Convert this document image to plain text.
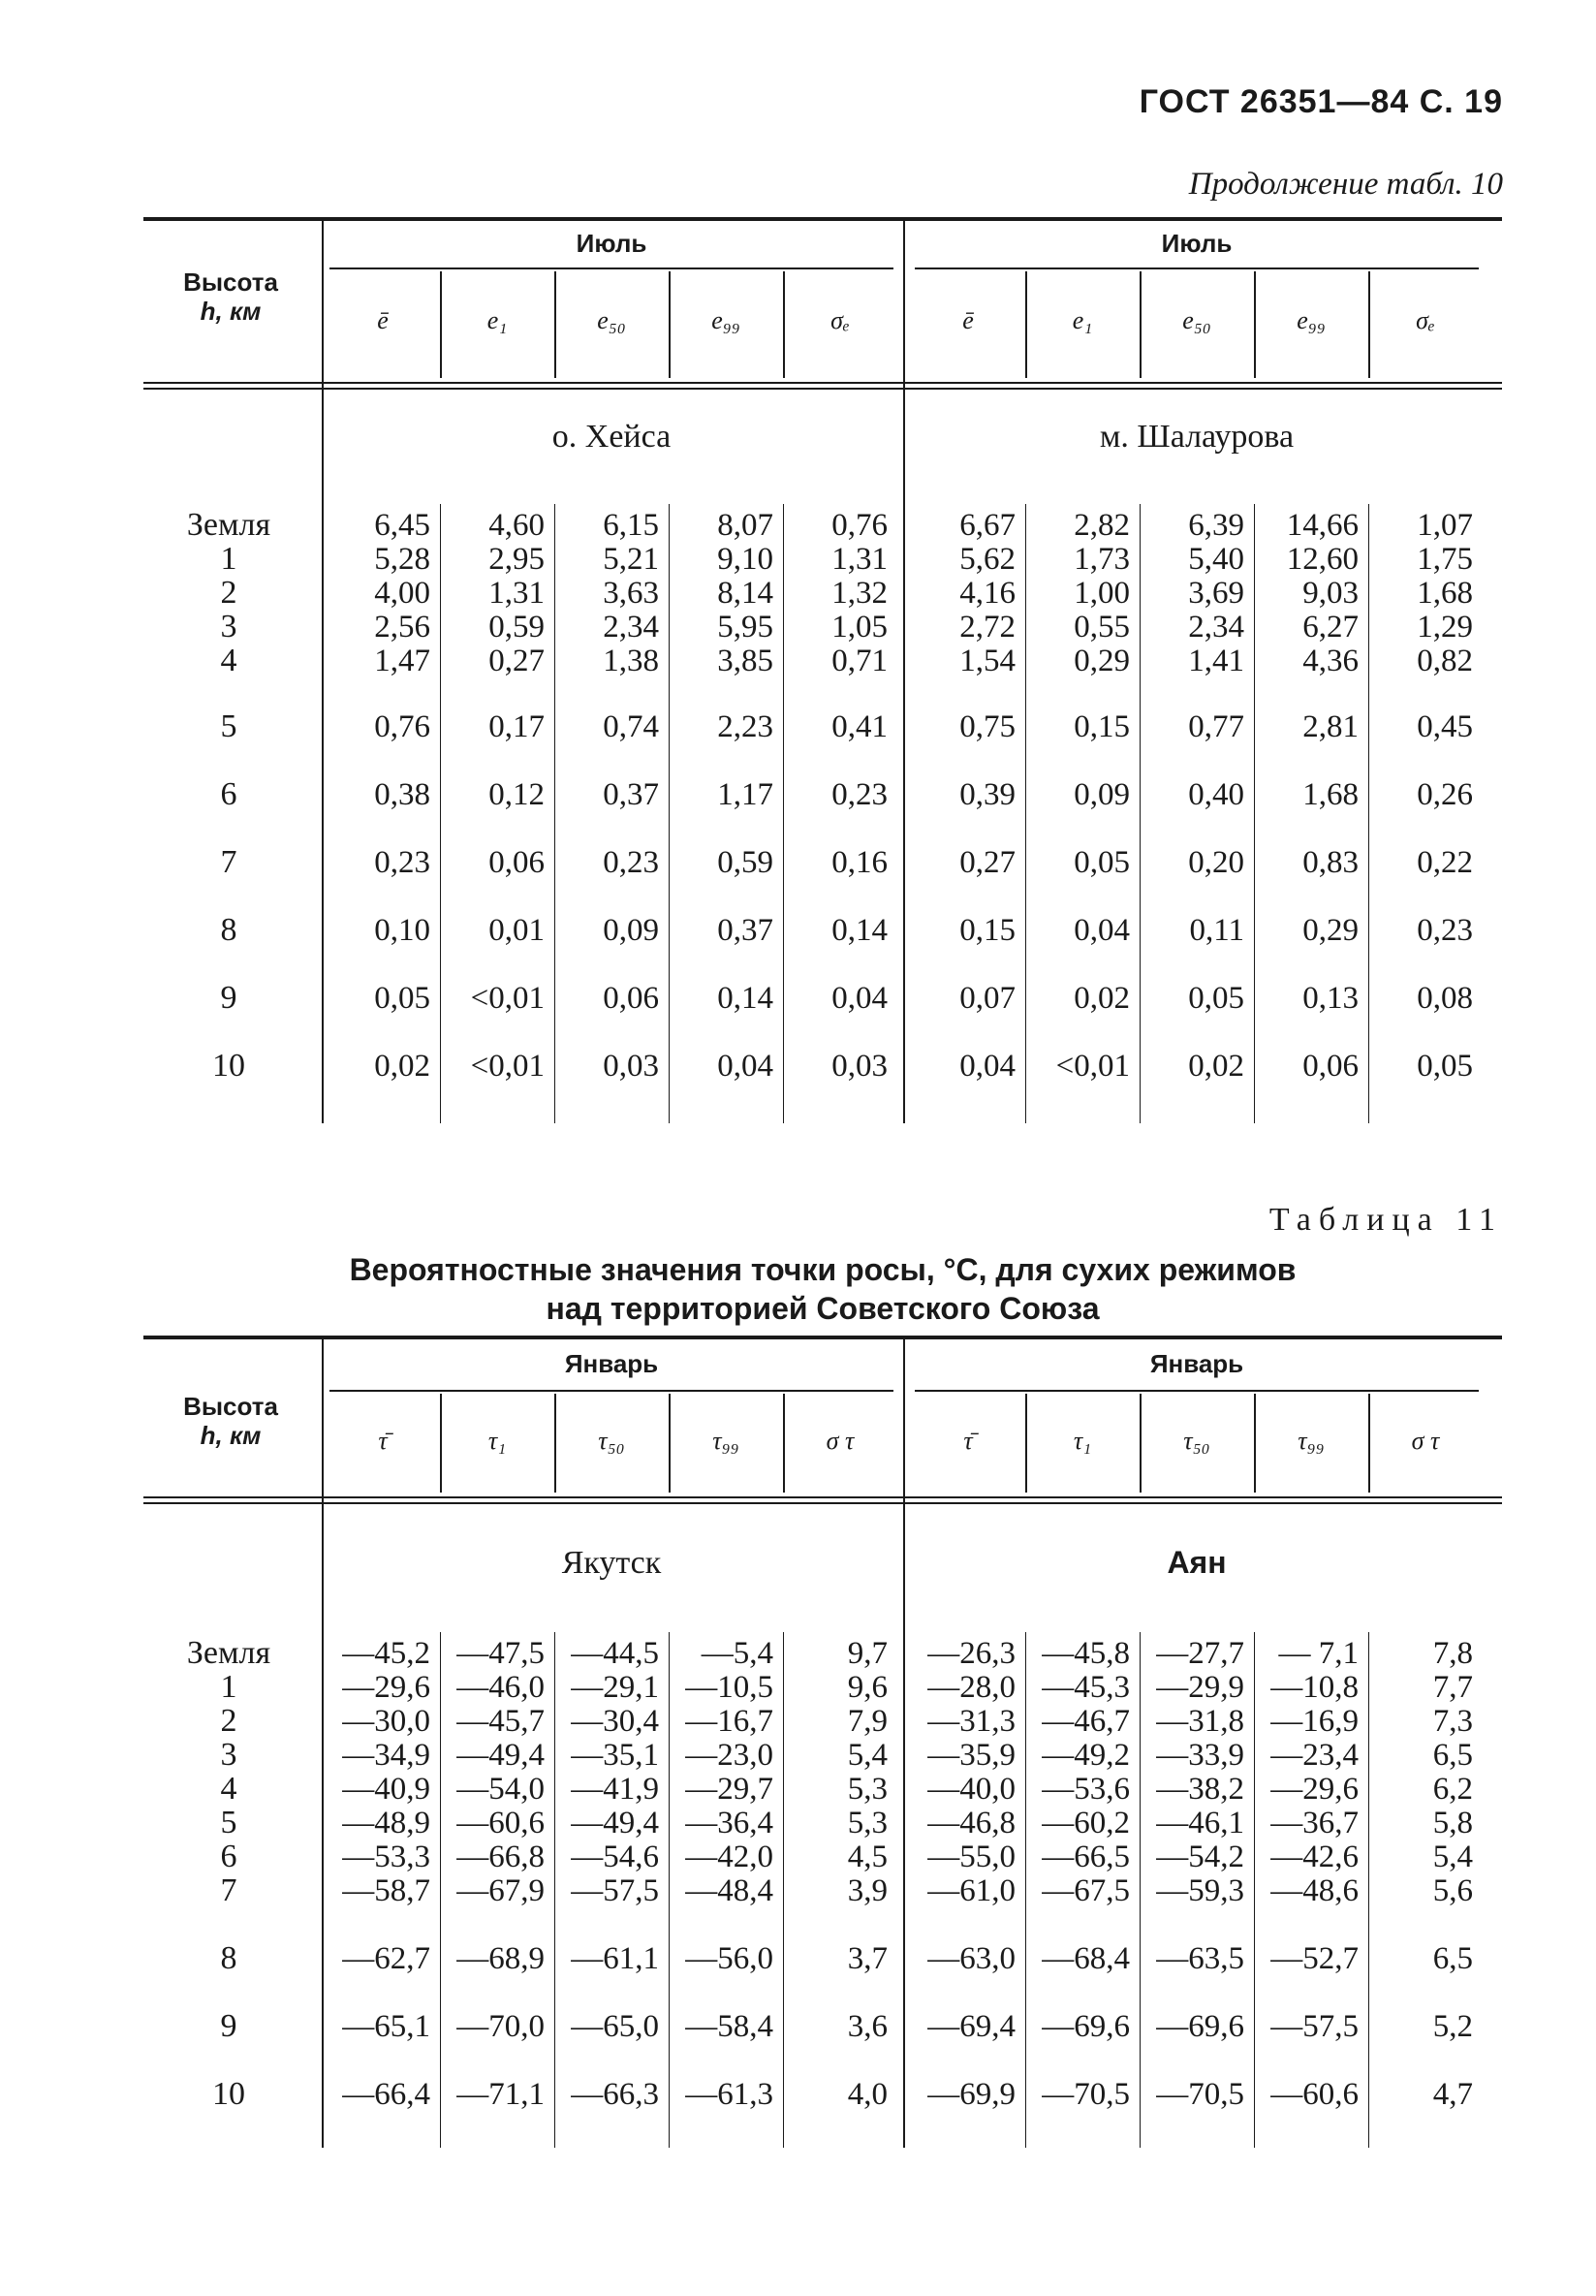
ГОСТ 26351—84 С. 19
Продолжение табл. 10
Высота
h, км
Июль
о. Хейса
Июль
м. Шалаурова
ē	e₁	e₅₀	e₉₉	σₑ	ē	e₁	e₅₀	e₉₉	σₑ
Земля	6,45	4,60	6,15	8,07	0,76	6,67	2,82	6,39	14,66	1,07
1	5,28	2,95	5,21	9,10	1,31	5,62	1,73	5,40	12,60	1,75
2	4,00	1,31	3,63	8,14	1,32	4,16	1,00	3,69	9,03	1,68
3	2,56	0,59	2,34	5,95	1,05	2,72	0,55	2,34	6,27	1,29
4	1,47	0,27	1,38	3,85	0,71	1,54	0,29	1,41	4,36	0,82
5	0,76	0,17	0,74	2,23	0,41	0,75	0,15	0,77	2,81	0,45
6	0,38	0,12	0,37	1,17	0,23	0,39	0,09	0,40	1,68	0,26
7	0,23	0,06	0,23	0,59	0,16	0,27	0,05	0,20	0,83	0,22
8	0,10	0,01	0,09	0,37	0,14	0,15	0,04	0,11	0,29	0,23
9	0,05	<0,01	0,06	0,14	0,04	0,07	0,02	0,05	0,13	0,08
10	0,02	<0,01	0,03	0,04	0,03	0,04	<0,01	0,02	0,06	0,05
Таблица 11
Вероятностные значения точки росы, °C, для сухих режимов
над территорией Советского Союза
Высота
h, км
Январь
Якутск
Январь
Аян
τ̄	τ₁	τ₅₀	τ₉₉	σ τ	τ̄	τ₁	τ₅₀	τ₉₉	σ τ
Земля	—45,2 —47,5 —44,5	—5,4	9,7	—26,3 —45,8 —27,7	— 7,1	7,8
1	—29,6 —46,0 —29,1 —10,5	9,6	—28,0 —45,3 —29,9 —10,8	7,7
2	—30,0 —45,7 —30,4 —16,7	7,9	—31,3 —46,7 —31,8 —16,9	7,3
3	—34,9 —49,4 —35,1 —23,0	5,4	—35,9 —49,2 —33,9 —23,4	6,5
4	—40,9 —54,0 —41,9 —29,7	5,3	—40,0 —53,6 —38,2 —29,6	6,2
5	—48,9 —60,6 —49,4 —36,4	5,3	—46,8 —60,2 —46,1 —36,7	5,8
6	—53,3 —66,8 —54,6 —42,0	4,5	—55,0 —66,5 —54,2 —42,6	5,4
7	—58,7 —67,9 —57,5 —48,4	3,9	—61,0 —67,5 —59,3 —48,6	5,6
8	—62,7 —68,9 —61,1 —56,0	3,7	—63,0 —68,4 —63,5 —52,7	6,5
9	—65,1 —70,0 —65,0 —58,4	3,6	—69,4 —69,6 —69,6 —57,5	5,2
10	—66,4 —71,1 —66,3 —61,3	4,0	—69,9 —70,5 —70,5 —60,6	4,7
